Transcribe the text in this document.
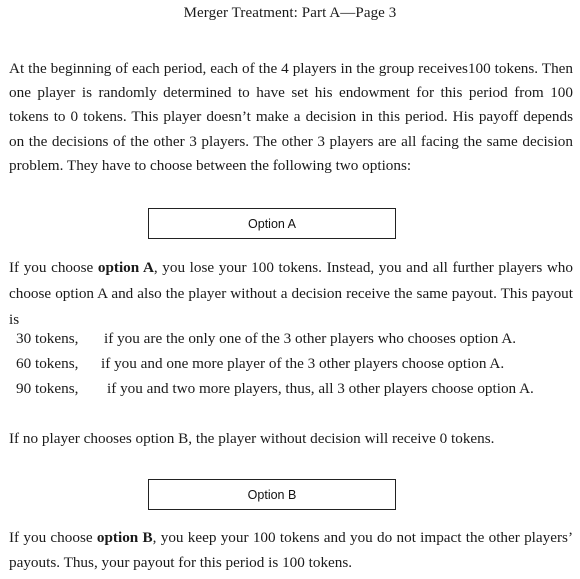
Merger Treatment: Part A—Page 3

At the beginning of each period, each of the 4 players in the group receives100 tokens. Then one player is randomly determined to have set his endowment for this period from 100 tokens to 0 tokens. This player doesn’t make a decision in this period. His payoff depends on the decisions of the other 3 players. The other 3 players are all facing the same decision problem. They have to choose between the following two options:

Option A

If you choose option A, you lose your 100 tokens. Instead, you and all further players who choose option A and also the player without a decision receive the same payout. This payout is

30 tokens, if you are the only one of the 3 other players who chooses option A.
60 tokens, if you and one more player of the 3 other players choose option A.
90 tokens, if you and two more players, thus, all 3 other players choose option A.

If no player chooses option B, the player without decision will receive 0 tokens.

Option B

If you choose option B, you keep your 100 tokens and you do not impact the other players’ payouts. Thus, your payout for this period is 100 tokens.
